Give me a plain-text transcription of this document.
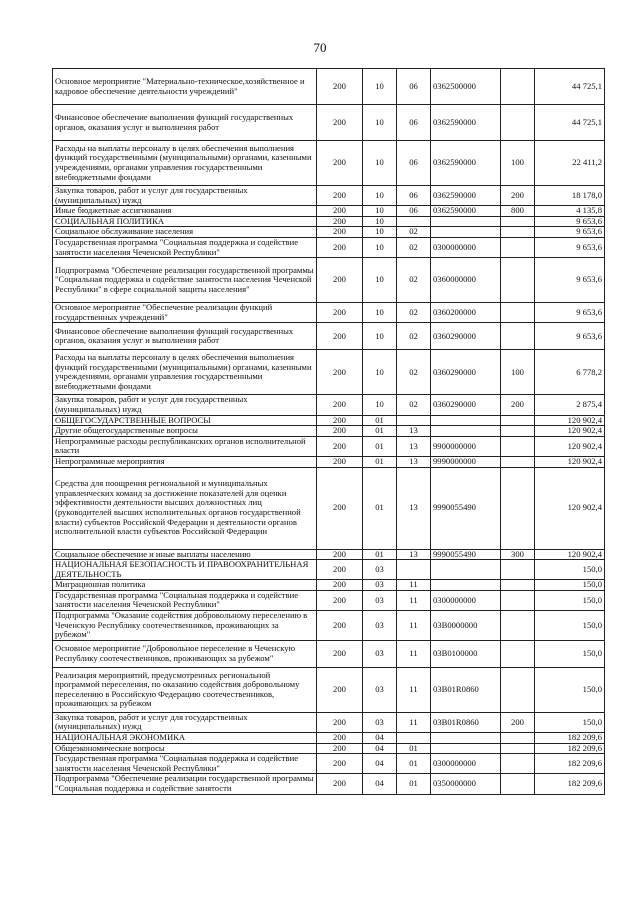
70
Основное мероприятие "Материально-техническое,хозяйственное и кадровое обеспечение деятельности учреждений"	200	10	06	0362500000		44 725,1
Финансовое обеспечение выполнения функций государственных органов, оказания услуг и выполнения работ	200	10	06	0362590000		44 725,1
Расходы на выплаты персоналу в целях обеспечения выполнения функций государственными (муниципальными) органами, казенными учреждениями, органами управления государственными внебюджетными фондами	200	10	06	0362590000	100	22 411,2
Закупка товаров, работ и услуг для государственных (муниципальных) нужд	200	10	06	0362590000	200	18 178,0
Иные бюджетные ассигнования	200	10	06	0362590000	800	4 135,8
СОЦИАЛЬНАЯ ПОЛИТИКА	200	10				9 653,6
Социальное обслуживание населения	200	10	02			9 653,6
Государственная программа "Социальная поддержка и содействие занятости населения Чеченской Республики"	200	10	02	0300000000		9 653,6
Подпрограмма "Обеспечение реализации государственной программы "Социальная поддержка и содействие занятости населения Чеченской Республики" в сфере социальной защиты населения"	200	10	02	0360000000		9 653,6
Основное мероприятие "Обеспечение реализации функций государственных учреждений"	200	10	02	0360200000		9 653,6
Финансовое обеспечение выполнения функций государственных органов, оказания услуг и выполнения работ	200	10	02	0360290000		9 653,6
Расходы на выплаты персоналу в целях обеспечения выполнения функций государственными (муниципальными) органами, казенными учреждениями, органами управления государственными внебюджетными фондами	200	10	02	0360290000	100	6 778,2
Закупка товаров, работ и услуг для государственных (муниципальных) нужд	200	10	02	0360290000	200	2 875,4
ОБЩЕГОСУДАРСТВЕННЫЕ ВОПРОСЫ	200	01				120 902,4
Другие общегосударственные вопросы	200	01	13			120 902,4
Непрограммные расходы республиканских органов исполнительной власти	200	01	13	9900000000		120 902,4
Непрограммные мероприятия	200	01	13	9990000000		120 902,4
Средства для поощрения региональной и муниципальных управленческих команд за достижение показателей для оценки эффективности деятельности высших должностных лиц (руководителей высших исполнительных органов государственной власти) субъектов Российской Федерации и деятельности органов исполнительной власти субъектов Российской Федерации	200	01	13	9990055490		120 902,4
Социальное обеспечение и иные выплаты населению	200	01	13	9990055490	300	120 902,4
НАЦИОНАЛЬНАЯ БЕЗОПАСНОСТЬ И ПРАВООХРАНИТЕЛЬНАЯ ДЕЯТЕЛЬНОСТЬ	200	03				150,0
Миграционная политика	200	03	11			150,0
Государственная программа "Социальная поддержка и содействие занятости населения Чеченской Республики"	200	03	11	0300000000		150,0
Подпрограмма "Оказание содействия добровольному переселению в Чеченскую Республику соотечественников, проживающих за рубежом"	200	03	11	03B0000000		150,0
Основное мероприятие "Добровольное переселение в Чеченскую Республику соотечественников, проживающих за рубежом"	200	03	11	03B0100000		150,0
Реализация мероприятий, предусмотренных региональной программой переселения, по оказанию содействия добровольному переселению в Российскую Федерацию соотечественников, проживающих за рубежом	200	03	11	03B01R0860		150,0
Закупка товаров, работ и услуг для государственных (муниципальных) нужд	200	03	11	03B01R0860	200	150,0
НАЦИОНАЛЬНАЯ ЭКОНОМИКА	200	04				182 209,6
Общеэкономические вопросы	200	04	01			182 209,6
Государственная программа "Социальная поддержка и содействие занятости населения Чеченской Республики"	200	04	01	0300000000		182 209,6
Подпрограмма "Обеспечение реализации государственной программы "Социальная поддержка и содействие занятости	200	04	01	0350000000		182 209,6
